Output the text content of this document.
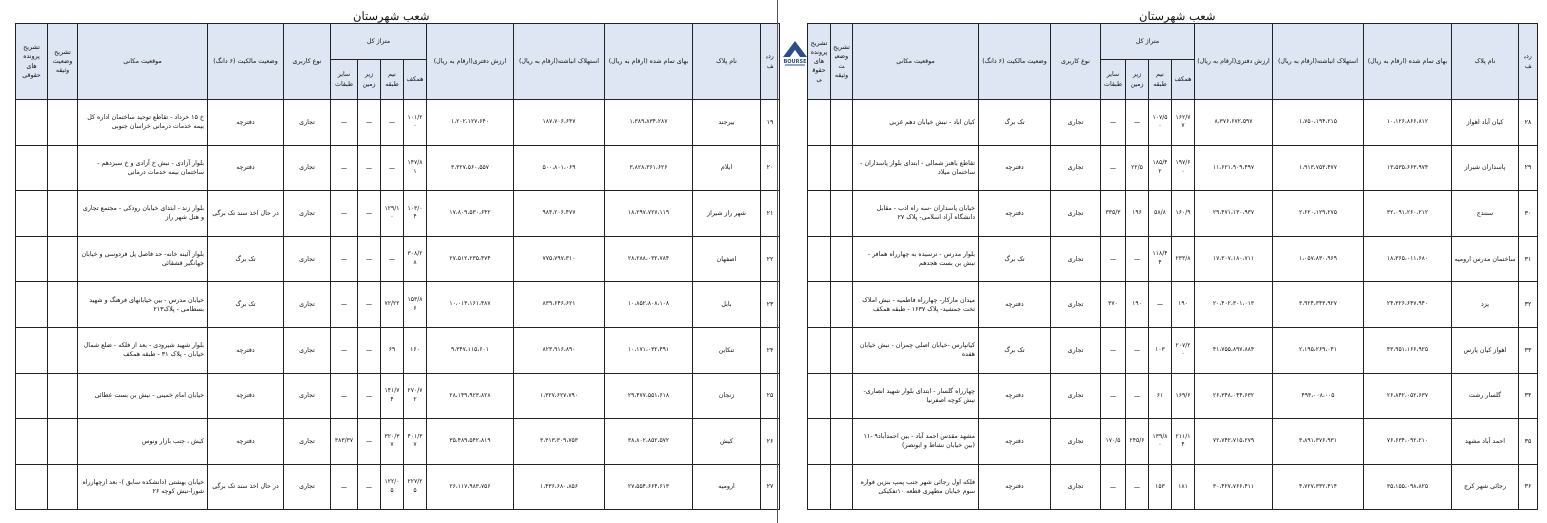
شعب شهرستان
ردیف	نام پلاک	بهای تمام شده (ارقام به ریال)	استهلاک انباشته(ارقام به ریال)	ارزش دفتری(ارقام به ریال)	متراژ کل				نوع کاربری	وضعیت مالکیت (۶ دانگ)	موقعیت مکانی	تشریح وضعیت وثیقه	تشریح پرونده های حقوقی
					همکف	نیم طبقه	زیر زمین	سایر طبقات					
۱۹	بیرجند	۱،۳۸۹،۸۳۴،۲۸۷	۱۸۷،۷۰۶،۶۴۷	۱،۲۰۲،۱۲۷،۶۴۰	۱۰۱/۲۰	ـــ	ـــ	ـــ	تجاری	دفترچه	خ ۱۵ خرداد - تقاطع توحید ساختمان اداره کل بیمه خدمات درمانی خراسان جنوبی		
۲۰	ایلام	۳،۸۲۸،۳۶۱،۶۲۶	۵۰۰،۸۰۱،۰۶۹	۳،۳۲۷،۵۶۰،۵۵۷	۱۴۷/۸۱	ـــ	ـــ	ـــ	تجاری	دفترچه	بلوار آزادی - نبش خ آزادی و خ سبزدهم - ساختمان بیمه خدمات درمانی		
۲۱	شهر راز شیراز	۱۸،۲۹۷،۷۲۷،۱۱۹	۹۸۴،۲۰۶،۴۷۷	۱۷،۸۰۹،۵۳۰،۶۴۲	۱۰۳/۰۴	۱۲۹/۱۰	ـــ	ـــ	تجاری	در حال اخذ سند تک برگی	بلوار زند - ابتدای خیابان رودکی - مجتمع تجاری و هتل شهر راز		
۲۲	اصفهان	۲۸،۲۸۸،۰۳۲،۷۸۴	۷۷۵،۷۹۷،۳۱۰	۲۷،۵۱۲،۲۳۵،۴۷۴	۳۰۸/۲۸	ـــ	ـــ	ـــ	تجاری	تک برگ	بلوار آئینه خانه- حد فاصل پل فردوسی و خیابان جهانگیر قشقائی		
۲۳	بابل	۱۰،۸۵۲،۸۰۸،۱۰۸	۸۳۹،۶۴۶،۶۲۱	۱۰،۰۱۳،۱۶۱،۴۸۷	۱۵۳/۸۶	۷۲/۲۲	ـــ	ـــ	تجاری	تک برگ	خیابان مدرس - بین خیابانهای فرهنگ و شهید بسطامی - پلاک۲۱۳		
۲۴	تنکابن	۱۰،۱۷۱،۰۳۲،۴۹۱	۸۲۳،۹۱۶،۸۹۰	۹،۳۴۷،۱۱۵،۶۰۱	۱۶۰	۶۹	ـــ	ـــ	تجاری	دفترچه	بلوار شهید شیرودی - بعد از فلکه - ضلع شمال خیابان - پلاک ۳۱ - طبقه همکف		
۲۵	زنجان	۲۹،۴۷۷،۵۵۱،۶۱۸	۱،۳۲۷،۶۲۷،۷۹۰	۲۸،۱۴۹،۹۲۳،۸۲۸	۲۷۰/۷۲	۱۴۱/۷۴	ـــ	ـــ	تجاری	دفترچه	خیابان امام خمینی - نبش بن بست عطائی		
۲۶	کیش	۳۸،۸۰۲،۸۵۲،۵۷۲	۳،۳۱۳،۳۰۹،۷۵۳	۳۵،۴۸۹،۵۴۲،۸۱۹	۴۰۱/۳۷	۳۲۰/۳۷	ـــ	۳۸۳/۳۷	تجاری	دفترچه	کیش ، جنب بازار ونوس		
۲۷	ارومیه	۲۷،۵۵۴،۶۶۴،۶۱۳	۱،۴۳۶،۶۸۰،۸۵۶	۲۶،۱۱۷،۹۸۳،۷۵۶	۲۲۷/۲۵	۱۲۲/۰۵	ـــ	ـــ	تجاری	در حال اخذ سند تک برگی	خیابان بهشتی (دانشکده سابق )- بعد ازچهارراه شورا-نبش کوچه ۲۶		
BOURSE
شعب شهرستان
ردیف	نام پلاک	بهای تمام شده (ارقام به ریال)	استهلاک انباشته(ارقام به ریال)	ارزش دفتری(ارقام به ریال)	متراژ کل				نوع کاربری	وضعیت مالکیت (۶ دانگ)	موقعیت مکانی	تشریح وضعیت وثیقه	تشریح پرونده های حقوقی
					همکف	نیم طبقه	زیر زمین	سایر طبقات					
۲۸	کیان آباد اهواز	۱۰،۱۲۶،۸۶۶،۸۱۲	۱،۷۵۰،۱۹۴،۲۱۵	۸،۳۷۶،۶۷۲،۵۹۷	۱۶۲/۷۷	۱۰۷/۵۰	ـــ	ـــ	تجاری	تک برگ	کیان اباد - نبش خیابان دهم غربی		
۲۹	پاسداران شیراز	۱۳،۵۳۵،۶۶۳،۹۷۴	۱،۹۱۳،۷۵۳،۴۷۷	۱۱،۶۲۱،۹۰۹،۴۹۷	۱۹۷/۶۰	۱۸۵/۴۲	۲۲/۵	ـــ	تجاری	دفترچه	تقاطع باهنر شمالی - ابتدای بلوار پاسداران - ساختمان میلاد		
۳۰	سنندج	۳۲،۰۹۱،۲۶۰،۲۱۲	۲،۶۲۰،۱۲۹،۲۷۵	۲۹،۴۷۱،۱۳۰،۹۳۷	۱۶۰/۹	۵۸/۸	۱۹۶	۳۳۵/۳	تجاری	دفترچه	خیابان پاسداران -سه راه ادب - مقابل دانشگاه آزاد اسلامی- پلاک ۲۷		
۳۱	ساختمان مدرس ارومیه	۱۸،۳۶۵،۰۱۱،۶۸۰	۱،۰۵۷،۸۳۰،۹۶۹	۱۷،۳۰۷،۱۸۰،۷۱۱	۲۳۳/۸	۱۱۸/۴۴	ـــ	ـــ	تجاری	تک برگ	بلوار مدرس - نرسیده به چهارراه همافر - نبش بن بست هجدهم		
۳۲	یزد	۲۴،۳۲۶،۶۴۷،۹۴۰	۳،۹۲۴،۳۴۳،۹۲۷	۲۰،۴۰۲،۳۰۱،۰۱۳	۱۹۰	ـــ	۱۹۰	۳۷۰	تجاری	دفترچه	میدان مارکار- چهارراه فاطمیه - نبش املاک تخت جمشید- پلاک ۱۶۳۷ - طبقه همکف		
۳۳	اهواز کیان پارس	۴۳،۹۵۱،۱۶۶،۹۲۵	۲،۱۹۵،۲۶۹،۰۴۱	۴۱،۷۵۵،۸۹۷،۸۸۴	۲۰۷/۲۰	۱۰۳	ـــ	ـــ	تجاری	تک برگ	کیانپارس -خیابان اصلی چمران - نبش خیابان هفده		
۳۴	گلسار رشت	۲۶،۸۴۲،۰۵۲،۶۳۷	۴۹۴،۰۰۸،۰۰۵	۲۶،۳۴۸،۰۴۴،۶۳۲	۱۶۹/۶	۶۱	ـــ	ـــ	تجاری	دفترچه	چهارراه گلسار - ابتدای بلوار شهید انصاری-نبش کوچه اصفرنیا		
۳۵	احمد آباد مشهد	۷۶،۶۳۴،۰۹۲،۲۱۰	۳،۸۹۱،۳۷۶،۹۳۱	۷۲،۷۴۲،۷۱۵،۲۷۹	۲۱۱/۱۴	۱۳۹/۸۰	۲۴۵/۶	۱۷۰/۵	تجاری	دفترچه	مشهد مقدس احمد آباد - بین احمدآباد۹ -۱۱ (بین خیابان نشاط و ابونصر)		
۳۶	رجائی شهر کرج	۳۵،۱۵۵،۰۹۸،۸۲۵	۴،۷۲۷،۳۳۲،۴۱۴	۳۰،۴۲۷،۷۶۶،۴۱۱	۱۸۱	۱۵۳	ـــ	ـــ	تجاری	دفترچه	فلکه اول رجائی شهر جنب پمپ بنزین فواره سوم خیابان مطهری قطعه ۱۰تفکیکی		
